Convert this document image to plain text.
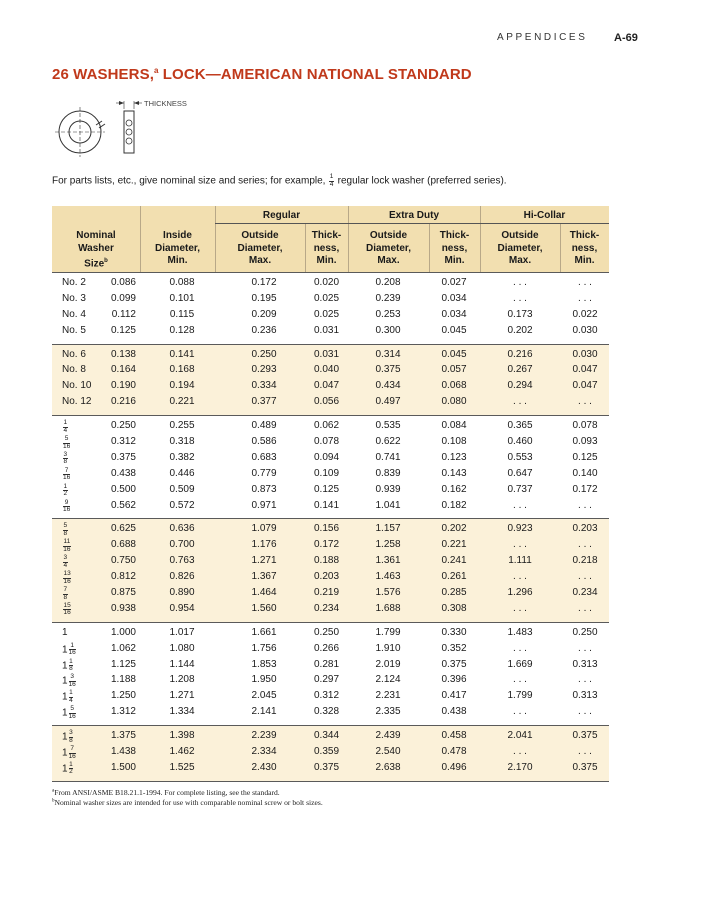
APPENDICES A-69
26 WASHERS,$^a$ LOCK—AMERICAN NATIONAL STANDARD
THICKNESS
For parts lists, etc., give nominal size and series; for example, $\frac{1}{4}$ regular lock washer (preferred series).
Regular	Extra Duty	Hi-Collar
Nominal
Washer
Size$^b$
Inside
Diameter,
Min.
Outside
Diameter,
Max.
Thick-
ness,
Min.
Outside
Diameter,
Max.
Thick-
ness,
Min.
Outside
Diameter,
Max.
Thick-
ness,
Min.
No. 2	0.086	0.088	0.172	0.020	0.208	0.027	. . .	. . .
No. 3	0.099	0.101	0.195	0.025	0.239	0.034	. . .	. . .
No. 4	0.112	0.115	0.209	0.025	0.253	0.034	0.173	0.022
No. 5	0.125	0.128	0.236	0.031	0.300	0.045	0.202	0.030
No. 6	0.138	0.141	0.250	0.031	0.314	0.045	0.216	0.030
No. 8	0.164	0.168	0.293	0.040	0.375	0.057	0.267	0.047
No. 10	0.190	0.194	0.334	0.047	0.434	0.068	0.294	0.047
No. 12	0.216	0.221	0.377	0.056	0.497	0.080	. . .	. . .
$\frac{1}{4}$	0.250	0.255	0.489	0.062	0.535	0.084	0.365	0.078
$\frac{5}{16}$	0.312	0.318	0.586	0.078	0.622	0.108	0.460	0.093
$\frac{3}{8}$	0.375	0.382	0.683	0.094	0.741	0.123	0.553	0.125
$\frac{7}{16}$	0.438	0.446	0.779	0.109	0.839	0.143	0.647	0.140
$\frac{1}{2}$	0.500	0.509	0.873	0.125	0.939	0.162	0.737	0.172
$\frac{9}{16}$	0.562	0.572	0.971	0.141	1.041	0.182	. . .	. . .
$\frac{5}{8}$	0.625	0.636	1.079	0.156	1.157	0.202	0.923	0.203
$\frac{11}{16}$	0.688	0.700	1.176	0.172	1.258	0.221	. . .	. . .
$\frac{3}{4}$	0.750	0.763	1.271	0.188	1.361	0.241	1.111	0.218
$\frac{13}{16}$	0.812	0.826	1.367	0.203	1.463	0.261	. . .	. . .
$\frac{7}{8}$	0.875	0.890	1.464	0.219	1.576	0.285	1.296	0.234
$\frac{15}{16}$	0.938	0.954	1.560	0.234	1.688	0.308	. . .	. . .
1	1.000	1.017	1.661	0.250	1.799	0.330	1.483	0.250
$1 \frac{1}{16}$	1.062	1.080	1.756	0.266	1.910	0.352	. . .	. . .
$1 \frac{1}{8}$	1.125	1.144	1.853	0.281	2.019	0.375	1.669	0.313
$1 \frac{3}{16}$	1.188	1.208	1.950	0.297	2.124	0.396	. . .	. . .
$1 \frac{1}{4}$	1.250	1.271	2.045	0.312	2.231	0.417	1.799	0.313
$1 \frac{5}{16}$	1.312	1.334	2.141	0.328	2.335	0.438	. . .	. . .
$1 \frac{3}{8}$	1.375	1.398	2.239	0.344	2.439	0.458	2.041	0.375
$1 \frac{7}{16}$	1.438	1.462	2.334	0.359	2.540	0.478	. . .	. . .
$1 \frac{1}{2}$	1.500	1.525	2.430	0.375	2.638	0.496	2.170	0.375
$^a$From ANSI/ASME B18.21.1-1994. For complete listing, see the standard.
$^b$Nominal washer sizes are intended for use with comparable nominal screw or bolt sizes.
